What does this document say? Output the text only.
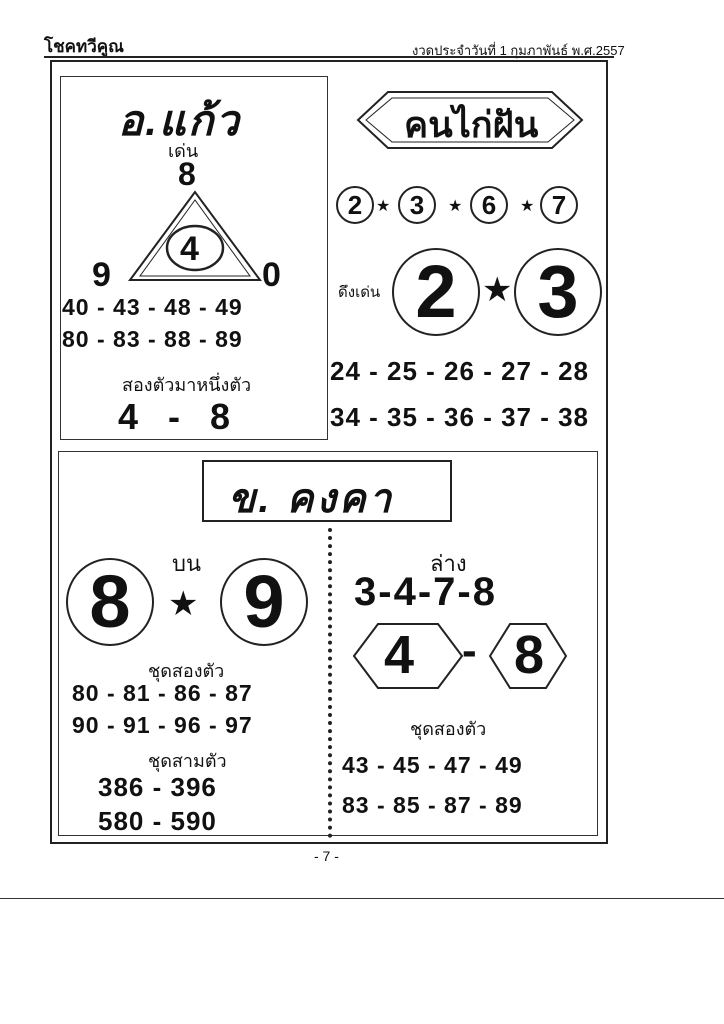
โชคทวีคูณ	งวดประจำวันที่ 1 กุมภาพันธ์ พ.ศ.2557
อ.แก้ว
เด่น
8
4
9	0
40 - 43 - 48 - 49
80 - 83 - 88 - 89
สองตัวมาหนึ่งตัว
4   -   8
คนไก่ฝัน
2 ★ 3	★ 6	★ 7
ดึงเด่น 2 ★ 3
24 - 25 - 26 - 27 - 28
34 - 35 - 36 - 37 - 38
ข. คงคา
บน
8	★ 9
ชุดสองตัว
80 - 81 - 86 - 87
90 - 91 - 96 - 97
ชุดสามตัว
386 - 396
580 - 590
ล่าง
3-4-7-8
4 - 8
ชุดสองตัว
43 - 45 - 47 - 49
83 - 85 - 87 - 89
- 7 -
